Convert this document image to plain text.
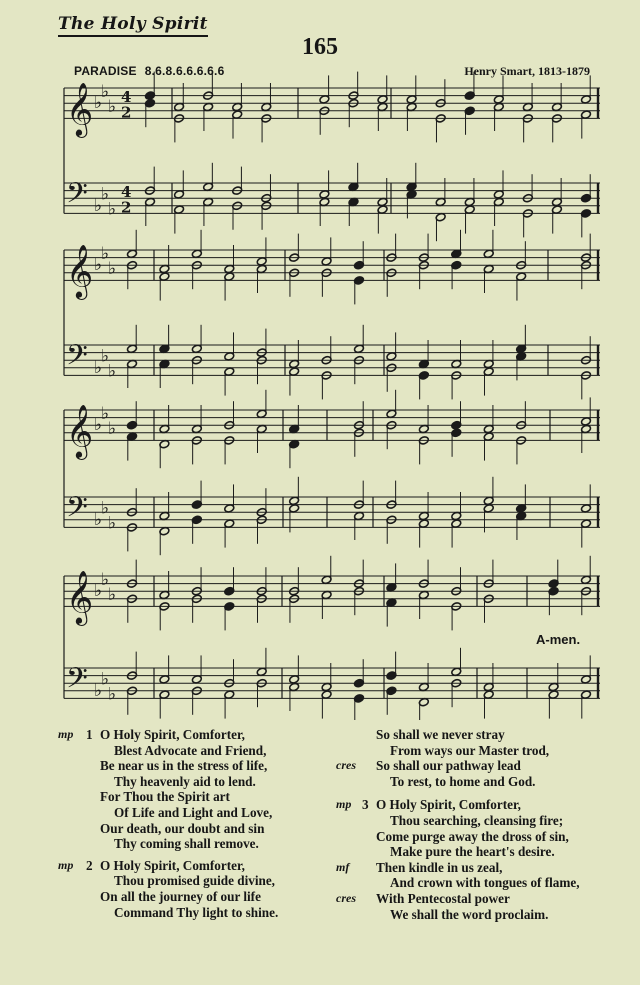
The Holy Spirit
165
PARADISE 8.6.8.6.6.6.6.6	Henry Smart, 1813-1879
𝄞 ♭
♭
♭ 4
2
𝄢 ♭
♭
♭
4
2
𝄞 ♭
♭
♭
𝄢 ♭
♭
♭
𝄞 ♭
♭
♭
𝄢 ♭
♭
♭
𝄞 ♭
♭
♭
𝄢 ♭
♭
♭
A-men.
mp 1 O Holy Spirit, Comforter,
Blest Advocate and Friend,
Be near us in the stress of life,
Thy heavenly aid to lend.
For Thou the Spirit art
Of Life and Light and Love,
Our death, our doubt and sin
Thy coming shall remove.
mp 2 O Holy Spirit, Comforter,
Thou promised guide divine,
On all the journey of our life
Command Thy light to shine.
So shall we never stray
From ways our Master trod,
cres So shall our pathway lead
To rest, to home and God.
mp 3 O Holy Spirit, Comforter,
Thou searching, cleansing fire;
Come purge away the dross of sin,
Make pure the heart's desire.
mf Then kindle in us zeal,
And crown with tongues of flame,
cres With Pentecostal power
We shall the word proclaim.
